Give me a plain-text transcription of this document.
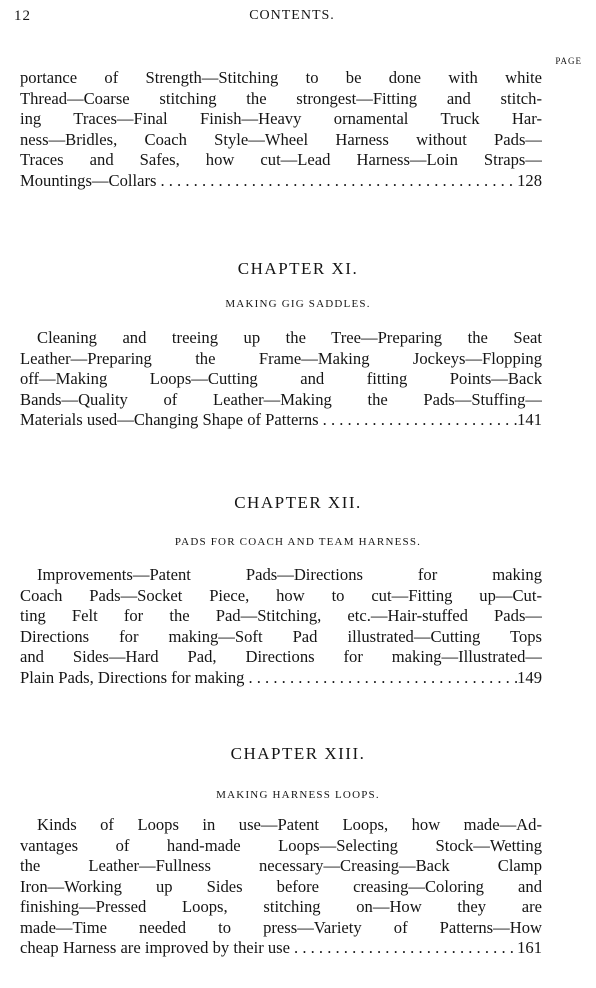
12	CONTENTS.
PAGE
portance of Strength—Stitching to be done with white
Thread—Coarse stitching the strongest—Fitting and stitch-
ing Traces—Final Finish—Heavy ornamental Truck Har-
ness—Bridles, Coach Style—Wheel Harness without Pads—
Traces and Safes, how cut—Lead Harness—Loin Straps—
Mountings—Collars . . .	128
CHAPTER XI.
MAKING GIG SADDLES.
Cleaning and treeing up the Tree—Preparing the Seat
Leather—Preparing the Frame—Making Jockeys—Flopping
off—Making Loops—Cutting and fitting Points—Back
Bands—Quality of Leather—Making the Pads—Stuffing—
Materials used—Changing Shape of Patterns . . .	141
CHAPTER XII.
PADS FOR COACH AND TEAM HARNESS.
Improvements—Patent Pads—Directions for making
Coach Pads—Socket Piece, how to cut—Fitting up—Cut-
ting Felt for the Pad—Stitching, etc.—Hair-stuffed Pads—
Directions for making—Soft Pad illustrated—Cutting Tops
and Sides—Hard Pad, Directions for making—Illustrated—
Plain Pads, Directions for making . . .	149
CHAPTER XIII.
MAKING HARNESS LOOPS.
Kinds of Loops in use—Patent Loops, how made—Ad-
vantages of hand-made Loops—Selecting Stock—Wetting
the Leather—Fullness necessary—Creasing—Back Clamp
Iron—Working up Sides before creasing—Coloring and
finishing—Pressed Loops, stitching on—How they are
made—Time needed to press—Variety of Patterns—How
cheap Harness are improved by their use . . .	161
